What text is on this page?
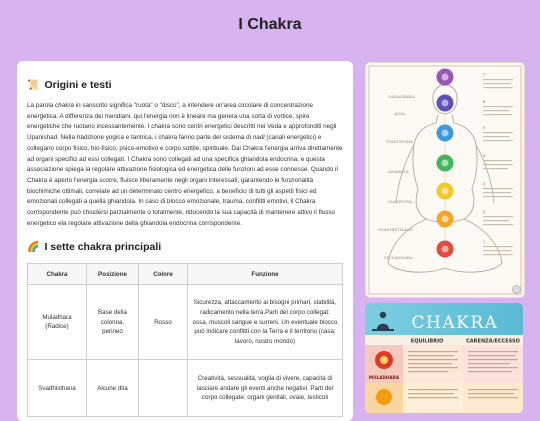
I Chakra
📜 Origini e testi

La parola chakra in sanscrito significa "ruota" o "disco", a intendere un'area circolare di concentrazione energetica. A differenza dei meridiani, qui l'energia non è lineare ma genera una sorta di vortice, spire energetiche che ruotano incessantemente. I chakra sono centri energetici descritti nei Veda e approfonditi negli Upanishad. Nella tradizione yogica e tantrica, i chakra fanno parte del sistema di nadi (canali energetici) e collegano corpo fisico, bio-fisico, psico-emotivo e corpo sottile, spirituale. Dai Chakra l'energia arriva direttamente ad organi specifici ad essi collegati. I Chakra sono collegati ad una specifica ghiandola endocrina, e questa associazione spiega la regolare attivazione fisiologica ed energetica delle funzioni ad esse connesse. Quando il Chakra è aperto l'energia scorre, fluisce liberamente negli organi interessati, garantendo le funzionalità biochimiche ottimali, correlate ad un determinato centro energetico, a beneficio di tutti gli aspetti fisici ed emozionali collegati a quella ghiandola. In caso di blocco emozionale, trauma, conflitti emotivi, il Chakra corrispondente può chiudersi parzialmente o totalmente, riducendo la sua capacità di mantenere attivo il flusso energetico ela regolare attivazione della ghiandola endocrina corrispondente.

🌈 I sette chakra principali
Chakra	Posizione	Colore	Funzione
Muladhara (Radice)	Base della colonna, perineo	Rosso	Sicurezza, attaccamento ai bisogni primari, stabilità, radicamento nella terra.Parti del corpo collegat: ossa, muscoli sangue e surreni. Un eventuale blocco può indicare conflitti con la Terra e il territorio (casa, lavoro, nostro mondo)
Svadhisthana	Alcune dita		Creatività, sessualità, voglia di vivere, capacità di lasciare andare gli eventi anche negativi. Parti del corpo collegate: organi genitali, ovaie, testicoli
SAHASRARA
AJNA
VISHUDDHA
ANAHATA
MANIPURA
SVADHISTHANA
MULADHARA
7
6
5
4
3
2
1
CHAKRA
EQUILIBRIO	CARENZA/ECCESSO
MULADHARA
